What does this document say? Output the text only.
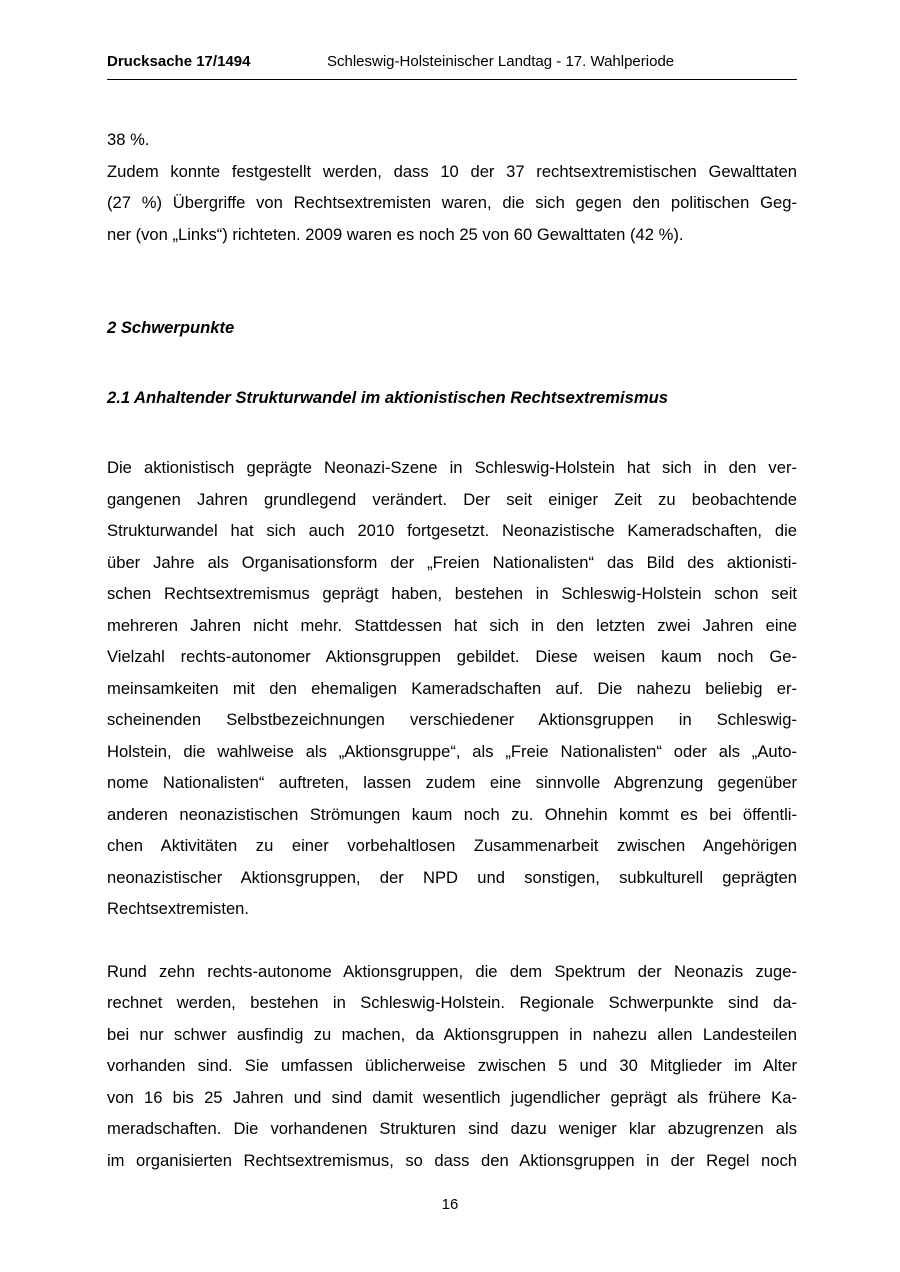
Drucksache 17/1494	Schleswig-Holsteinischer Landtag - 17. Wahlperiode

38 %.

Zudem konnte festgestellt werden, dass 10 der 37 rechtsextremistischen Gewalttaten
(27 %) Übergriffe von Rechtsextremisten waren, die sich gegen den politischen Geg-
ner (von „Links“) richteten. 2009 waren es noch 25 von 60 Gewalttaten (42 %).

2 Schwerpunkte
2.1 Anhaltender Strukturwandel im aktionistischen Rechtsextremismus

Die aktionistisch geprägte Neonazi-Szene in Schleswig-Holstein hat sich in den ver-
gangenen Jahren grundlegend verändert. Der seit einiger Zeit zu beobachtende
Strukturwandel hat sich auch 2010 fortgesetzt. Neonazistische Kameradschaften, die
über Jahre als Organisationsform der „Freien Nationalisten“ das Bild des aktionisti-
schen Rechtsextremismus geprägt haben, bestehen in Schleswig-Holstein schon seit
mehreren Jahren nicht mehr. Stattdessen hat sich in den letzten zwei Jahren eine
Vielzahl rechts-autonomer Aktionsgruppen gebildet. Diese weisen kaum noch Ge-
meinsamkeiten mit den ehemaligen Kameradschaften auf. Die nahezu beliebig er-
scheinenden Selbstbezeichnungen verschiedener Aktionsgruppen in Schleswig-
Holstein, die wahlweise als „Aktionsgruppe“, als „Freie Nationalisten“ oder als „Auto-
nome Nationalisten“ auftreten, lassen zudem eine sinnvolle Abgrenzung gegenüber
anderen neonazistischen Strömungen kaum noch zu. Ohnehin kommt es bei öffentli-
chen Aktivitäten zu einer vorbehaltlosen Zusammenarbeit zwischen Angehörigen
neonazistischer Aktionsgruppen, der NPD und sonstigen, subkulturell geprägten
Rechtsextremisten.

Rund zehn rechts-autonome Aktionsgruppen, die dem Spektrum der Neonazis zuge-
rechnet werden, bestehen in Schleswig-Holstein. Regionale Schwerpunkte sind da-
bei nur schwer ausfindig zu machen, da Aktionsgruppen in nahezu allen Landesteilen
vorhanden sind. Sie umfassen üblicherweise zwischen 5 und 30 Mitglieder im Alter
von 16 bis 25 Jahren und sind damit wesentlich jugendlicher geprägt als frühere Ka-
meradschaften. Die vorhandenen Strukturen sind dazu weniger klar abzugrenzen als
im organisierten Rechtsextremismus, so dass den Aktionsgruppen in der Regel noch

16
